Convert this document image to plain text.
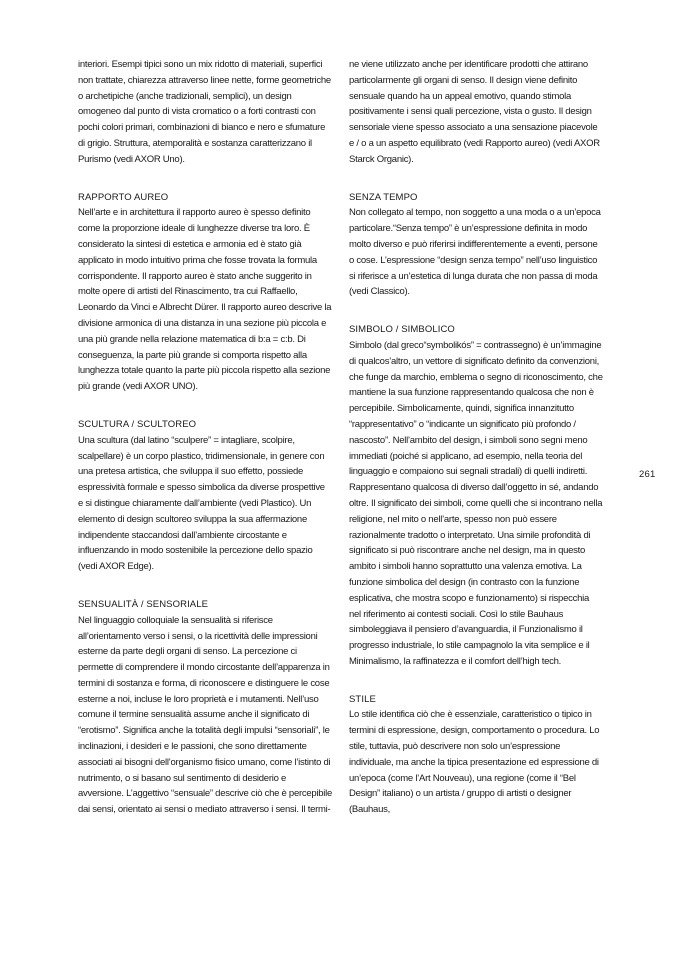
interiori. Esempi tipici sono un mix ridotto di materiali, superfici non trattate, chiarezza attraverso linee nette, forme geometriche o archetipiche (anche tradizionali, semplici), un design omogeneo dal punto di vista cromatico o a forti contrasti con pochi colori primari, combinazioni di bianco e nero e sfumature di grigio. Struttura, atemporalità e sostanza caratterizzano il Purismo (vedi AXOR Uno).

RAPPORTO AUREO

Nell’arte e in architettura il rapporto aureo è spesso definito come la proporzione ideale di lunghezze diverse tra loro. È considerato la sintesi di estetica e armonia ed è stato già applicato in modo intuitivo prima che fosse trovata la formula corrispondente. Il rapporto aureo è stato anche suggerito in molte opere di artisti del Rinascimento, tra cui Raffaello, Leonardo da Vinci e Albrecht Dürer. Il rapporto aureo descrive la divisione armonica di una distanza in una sezione più piccola e una più grande nella relazione matematica di b:a = c:b. Di conseguenza, la parte più grande si comporta rispetto alla lunghezza totale quanto la parte più piccola rispetto alla sezione più grande (vedi AXOR UNO).

SCULTURA / SCULTOREO

Una scultura (dal latino “sculpere” = intagliare, scolpire, scalpellare) è un corpo plastico, tridimensionale, in genere con una pretesa artistica, che sviluppa il suo effetto, possiede espressività formale e spesso simbolica da diverse prospettive e si distingue chiaramente dall’ambiente (vedi Plastico). Un elemento di design scultoreo sviluppa la sua affermazione indipendente staccandosi dall’ambiente circostante e influenzando in modo sostenibile la percezione dello spazio (vedi AXOR Edge).

SENSUALITÀ / SENSORIALE

Nel linguaggio colloquiale la sensualità si riferisce all’orientamento verso i sensi, o la ricettività delle impressioni esterne da parte degli organi di senso. La percezione ci permette di comprendere il mondo circostante dell’apparenza in termini di sostanza e forma, di riconoscere e distinguere le cose esterne a noi, incluse le loro proprietà e i mutamenti. Nell’uso comune il termine sensualità assume anche il significato di “erotismo”. Significa anche la totalità degli impulsi “sensoriali”, le inclinazioni, i desideri e le passioni, che sono direttamente associati ai bisogni dell’organismo fisico umano, come l’istinto di nutrimento, o si basano sul sentimento di desiderio e avversione. L’aggettivo “sensuale” descrive ciò che è percepibile dai sensi, orientato ai sensi o mediato attraverso i sensi. Il termi-

ne viene utilizzato anche per identificare prodotti che attirano particolarmente gli organi di senso. Il design viene definito sensuale quando ha un appeal emotivo, quando stimola positivamente i sensi quali percezione, vista o gusto. Il design sensoriale viene spesso associato a una sensazione piacevole e / o a un aspetto equilibrato (vedi Rapporto aureo) (vedi AXOR Starck Organic).

SENZA TEMPO

Non collegato al tempo, non soggetto a una moda o a un’epoca particolare.“Senza tempo” è un’espressione definita in modo molto diverso e può riferirsi indifferentemente a eventi, persone o cose. L’espressione “design senza tempo” nell’uso linguistico si riferisce a un’estetica di lunga durata che non passa di moda (vedi Classico).

SIMBOLO / SIMBOLICO

Simbolo (dal greco“symbolikós” = contrassegno) è un’immagine di qualcos’altro, un vettore di significato definito da convenzioni, che funge da marchio, emblema o segno di riconoscimento, che mantiene la sua funzione rappresentando qualcosa che non è percepibile. Simbolicamente, quindi, significa innanzitutto “rappresentativo” o “indicante un significato più profondo / nascosto”. Nell’ambito del design, i simboli sono segni meno immediati (poiché si applicano, ad esempio, nella teoria del linguaggio e compaiono sui segnali stradali) di quelli indiretti. Rappresentano qualcosa di diverso dall’oggetto in sé, andando oltre. Il significato dei simboli, come quelli che si incontrano nella religione, nel mito o nell’arte, spesso non può essere razionalmente tradotto o interpretato. Una simile profondità di significato si può riscontrare anche nel design, ma in questo ambito i simboli hanno soprattutto una valenza emotiva. La funzione simbolica del design (in contrasto con la funzione esplicativa, che mostra scopo e funzionamento) si rispecchia nel riferimento ai contesti sociali. Così lo stile Bauhaus simboleggiava il pensiero d’avanguardia, il Funzionalismo il progresso industriale, lo stile campagnolo la vita semplice e il Minimalismo, la raffinatezza e il comfort dell’high tech.

STILE

Lo stile identifica ciò che è essenziale, caratteristico o tipico in termini di espressione, design, comportamento o procedura. Lo stile, tuttavia, può descrivere non solo un’espressione individuale, ma anche la tipica presentazione ed espressione di un’epoca (come l’Art Nouveau), una regione (come il “Bel Design” italiano) o un artista / gruppo di artisti o designer (Bauhaus,

261
